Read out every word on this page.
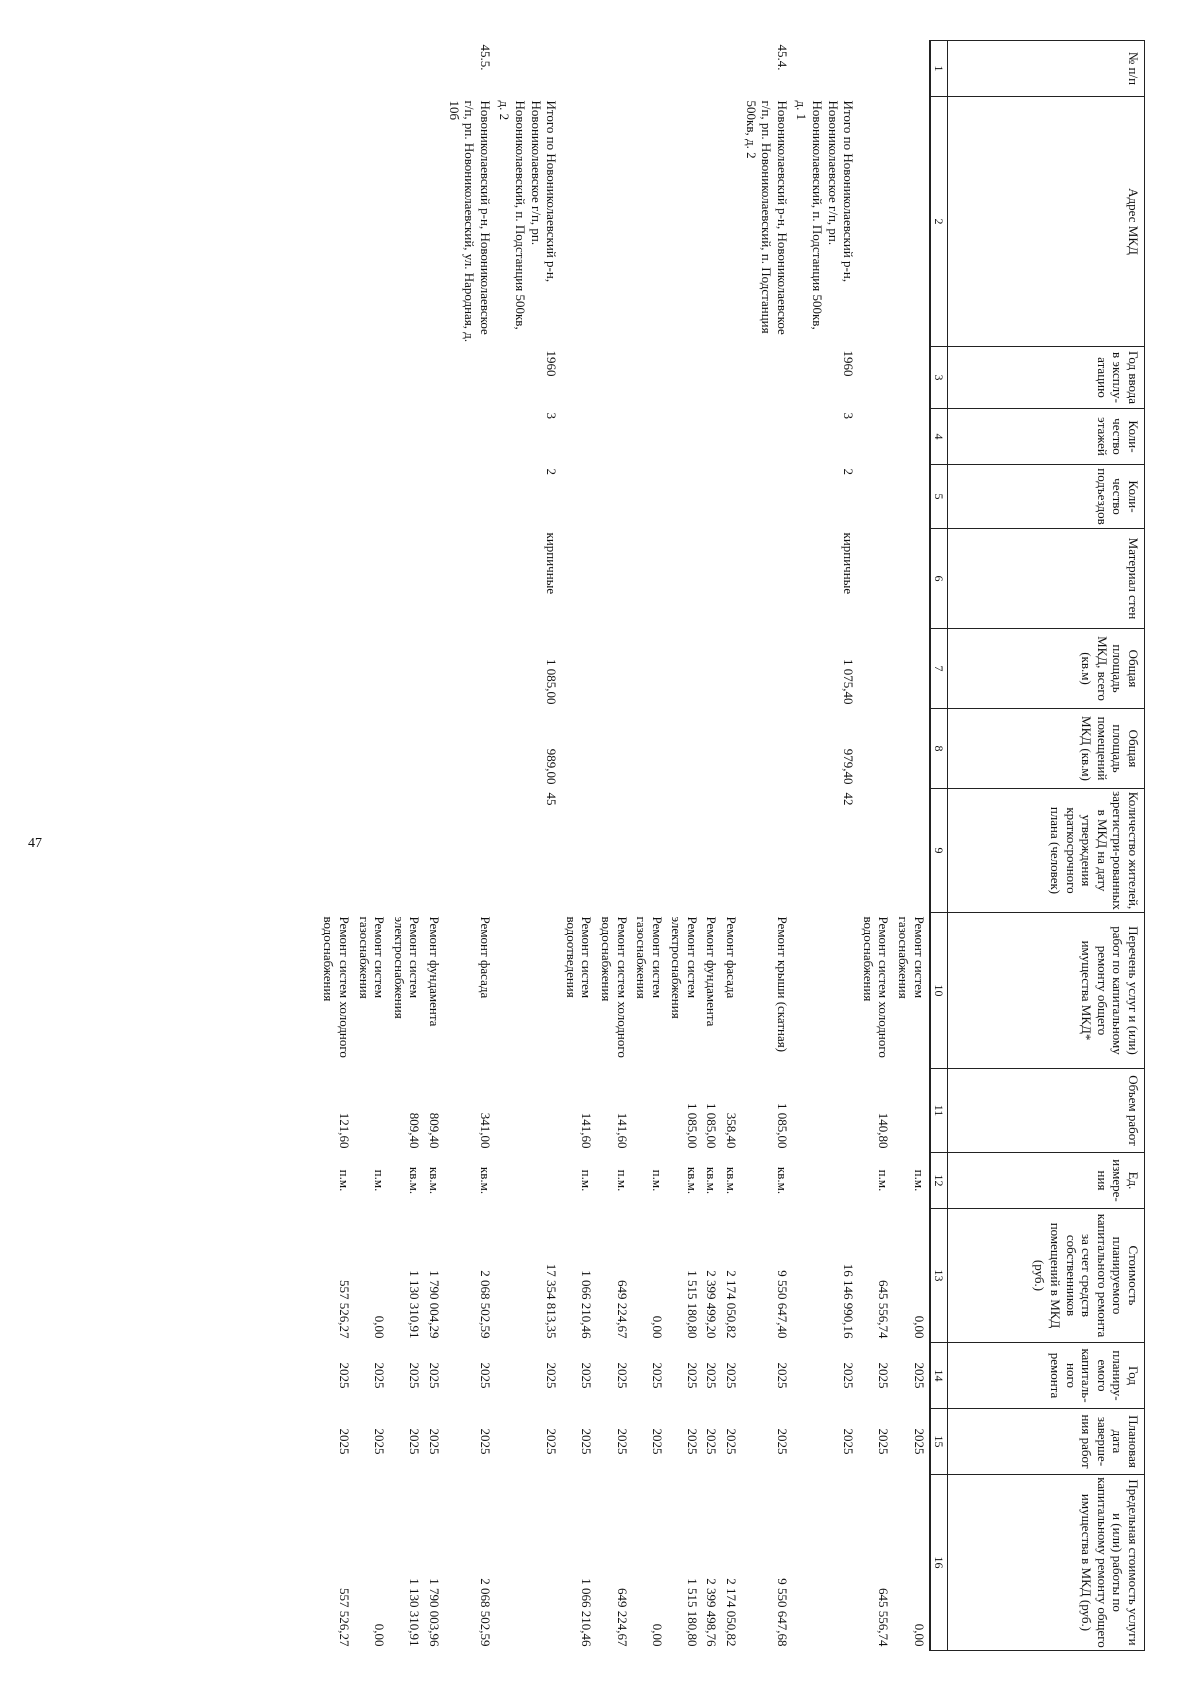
47
№ п/п	Адрес МКД	Год ввода в эксплу-атацию	Коли-чество этажей	Коли-чество подъездов	Материал стен	Общая площадь МКД, всего (кв.м)	Общая площадь помещений МКД (кв.м)	Количество жителей, зарегистри-рованных в МКД на дату утверждения краткосрочного плана (человек)	Перечень услуг и (или) работ по капитальному ремонту общего имущества МКД*	Объем работ	Ед. измере-ния	Стоимость планируемого капитального ремонта за счет средств собственников помещений в МКД (руб.)	Год планиру-емого капиталь-ного ремонта	Плановая дата заверше-ния работ	Предельная стоимость услуги и (или) работы по капитальному ремонту общего имущества в МКД (руб.)
1	2	3	4	5	6	7	8	9	10	11	12	13	14	15	16
									Ремонт систем газоснабжения		п.м.	0,00	2025	2025	0,00
									Ремонт систем холодного водоснабжения	140,80	п.м.	645 556,74	2025	2025	645 556,74
	Итого по Новониколаевский р-н, Новониколаевское г/п, рп. Новониколаевский, п. Подстанция 500кв, д. 1	1960	3	2	кирпичные	1 075,40	979,40	42				16 146 990,16	2025	2025	
45.4.	Новониколаевский р-н, Новониколаевское г/п, рп. Новониколаевский, п. Подстанция 500кв, д. 2								Ремонт крыши (скатная)	1 085,00	кв.м.	9 550 647,40	2025	2025	9 550 647,68
									Ремонт фасада	358,40	кв.м.	2 174 050,82	2025	2025	2 174 050,82
									Ремонт фундамента	1 085,00	кв.м.	2 399 499,20	2025	2025	2 399 498,76
									Ремонт систем электроснабжения	1 085,00	кв.м.	1 515 180,80	2025	2025	1 515 180,80
									Ремонт систем газоснабжения		п.м.	0,00	2025	2025	0,00
									Ремонт систем холодного водоснабжения	141,60	п.м.	649 224,67	2025	2025	649 224,67
									Ремонт систем водоотведения	141,60	п.м.	1 066 210,46	2025	2025	1 066 210,46
	Итого по Новониколаевский р-н, Новониколаевское г/п, рп. Новониколаевский, п. Подстанция 500кв, д. 2	1960	3	2	кирпичные	1 085,00	989,00	45				17 354 813,35	2025	2025	
45.5.	Новониколаевский р-н, Новониколаевское г/п, рп. Новониколаевский, ул. Народная, д. 10б								Ремонт фасада	341,00	кв.м.	2 068 502,59	2025	2025	2 068 502,59
									Ремонт фундамента	809,40	кв.м.	1 790 004,29	2025	2025	1 790 003,96
									Ремонт систем электроснабжения	809,40	кв.м.	1 130 310,91	2025	2025	1 130 310,91
									Ремонт систем газоснабжения		п.м.	0,00	2025	2025	0,00
									Ремонт систем холодного водоснабжения	121,60	п.м.	557 526,27	2025	2025	557 526,27
